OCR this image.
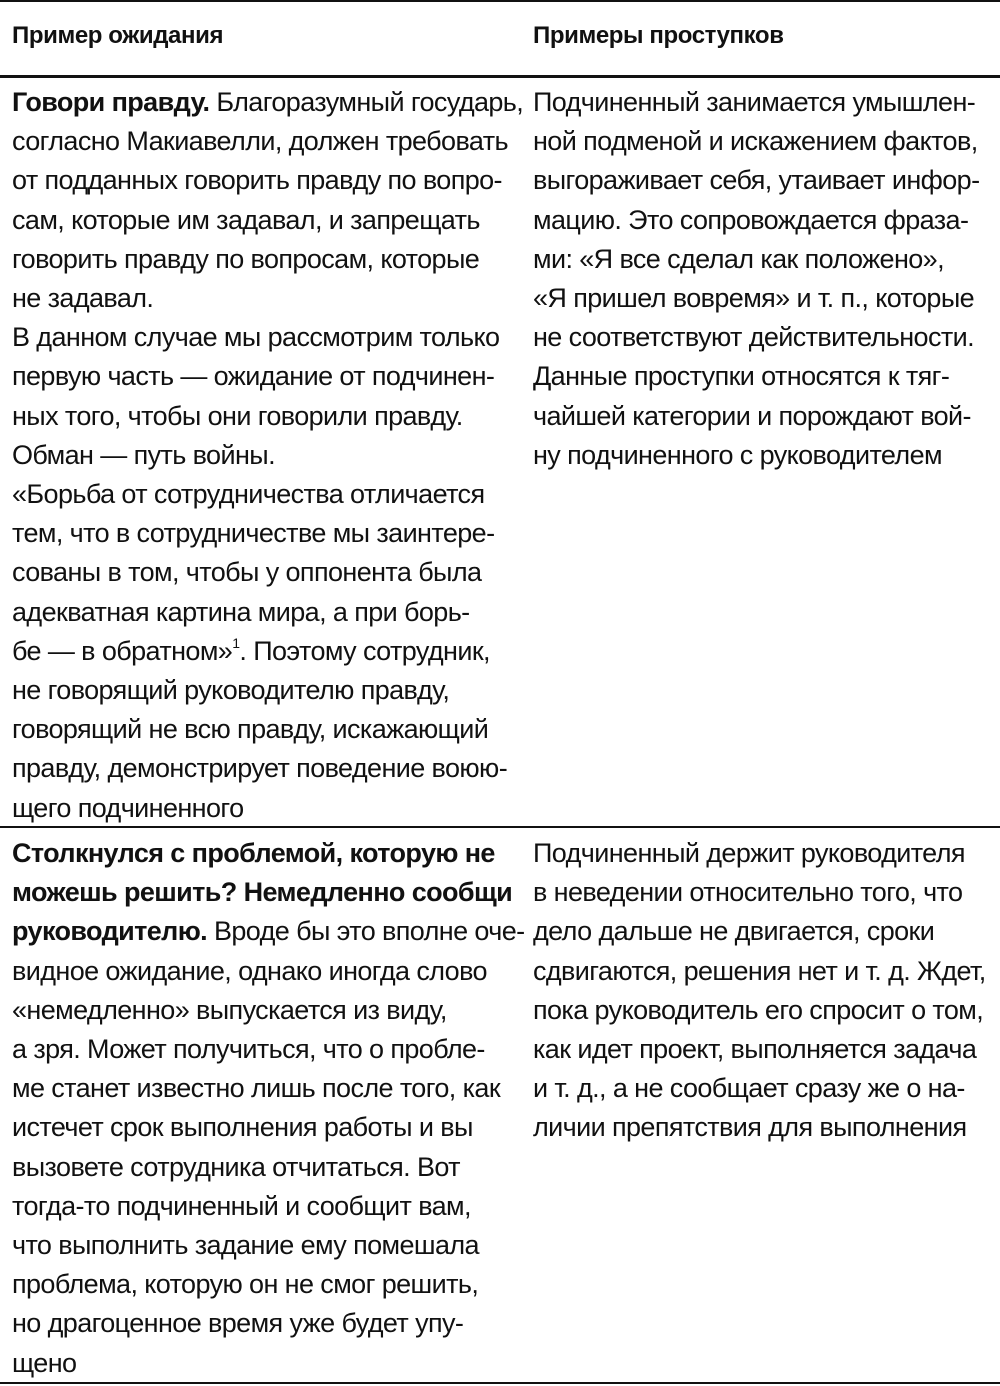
Пример ожидания	Примеры проступков
Говори правду. Благоразумный государь,
согласно Макиавелли, должен требовать
от подданных говорить правду по вопро-
сам, которые им задавал, и запрещать
говорить правду по вопросам, которые
не задавал.
В данном случае мы рассмотрим только
первую часть — ожидание от подчинен-
ных того, чтобы они говорили правду.
Обман — путь войны.
«Борьба от сотрудничества отличается
тем, что в сотрудничестве мы заинтере-
сованы в том, чтобы у оппонента была
адекватная картина мира, а при борь-
бе — в обратном»$^1$. Поэтому сотрудник,
не говорящий руководителю правду,
говорящий не всю правду, искажающий
правду, демонстрирует поведение воюю-
щего подчиненного
Подчиненный занимается умышлен-
ной подменой и искажением фактов,
выгораживает себя, утаивает инфор-
мацию. Это сопровождается фраза-
ми: «Я все сделал как положено»,
«Я пришел вовремя» и т. п., которые
не соответствуют действительности.
Данные проступки относятся к тяг-
чайшей категории и порождают вой-
ну подчиненного с руководителем
Столкнулся с проблемой, которую не
можешь решить? Немедленно сообщи
руководителю. Вроде бы это вполне оче-
видное ожидание, однако иногда слово
«немедленно» выпускается из виду,
а зря. Может получиться, что о пробле-
ме станет известно лишь после того, как
истечет срок выполнения работы и вы
вызовете сотрудника отчитаться. Вот
тогда-то подчиненный и сообщит вам,
что выполнить задание ему помешала
проблема, которую он не смог решить,
но драгоценное время уже будет упу-
щено
Подчиненный держит руководителя
в неведении относительно того, что
дело дальше не двигается, сроки
сдвигаются, решения нет и т. д. Ждет,
пока руководитель его спросит о том,
как идет проект, выполняется задача
и т. д., а не сообщает сразу же о на-
личии препятствия для выполнения
